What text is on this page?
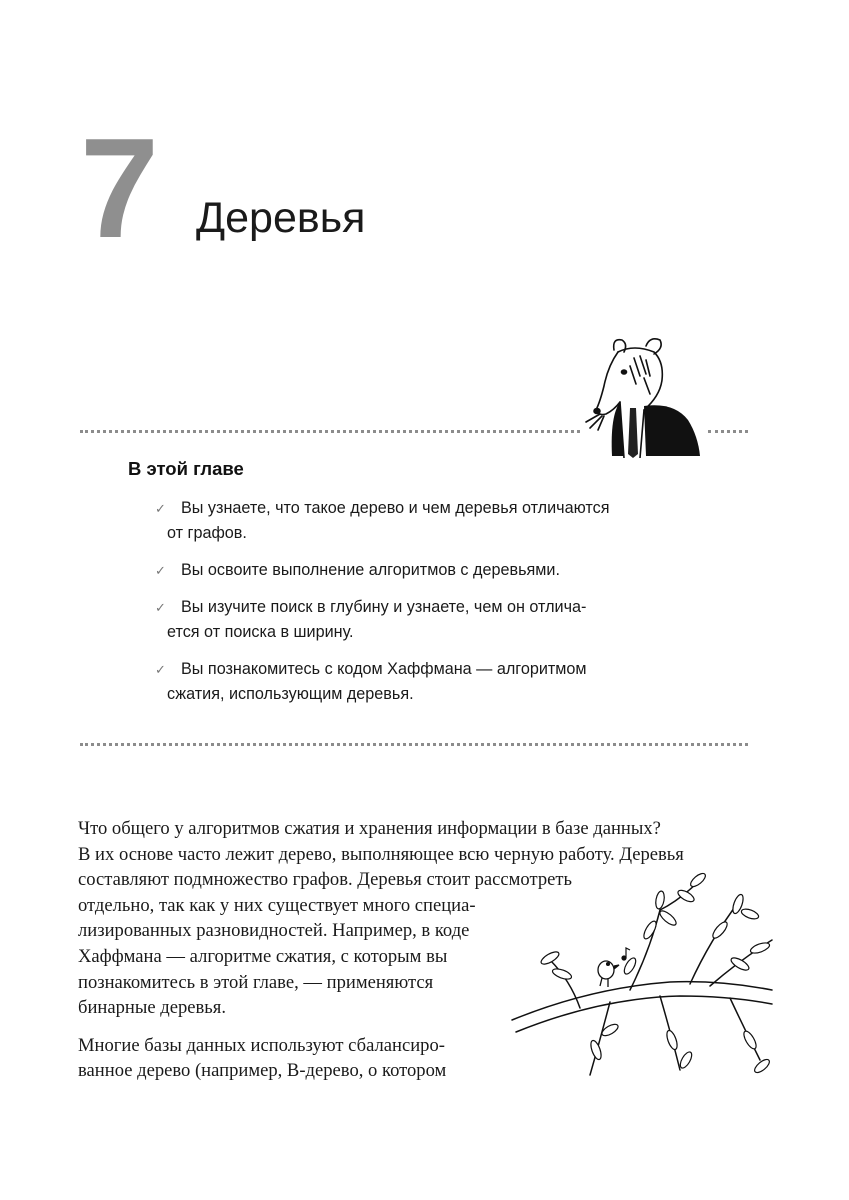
7 Деревья
В этой главе
✓ Вы узнаете, что такое дерево и чем деревья отличаются
от графов.
✓ Вы освоите выполнение алгоритмов с деревьями.
✓ Вы изучите поиск в глубину и узнаете, чем он отлича-
ется от поиска в ширину.
✓ Вы познакомитесь с кодом Хаффмана — алгоритмом
сжатия, использующим деревья.
Что общего у алгоритмов сжатия и хранения информации в базе данных?
В их основе часто лежит дерево, выполняющее всю черную работу. Деревья
составляют подмножество графов. Деревья стоит рассмотреть
отдельно, так как у них существует много специа-
лизированных разновидностей. Например, в коде
Хаффмана — алгоритме сжатия, с которым вы
познакомитесь в этой главе, — применяются
бинарные деревья.
Многие базы данных используют сбалансиро-
ванное дерево (например, В-дерево, о котором
